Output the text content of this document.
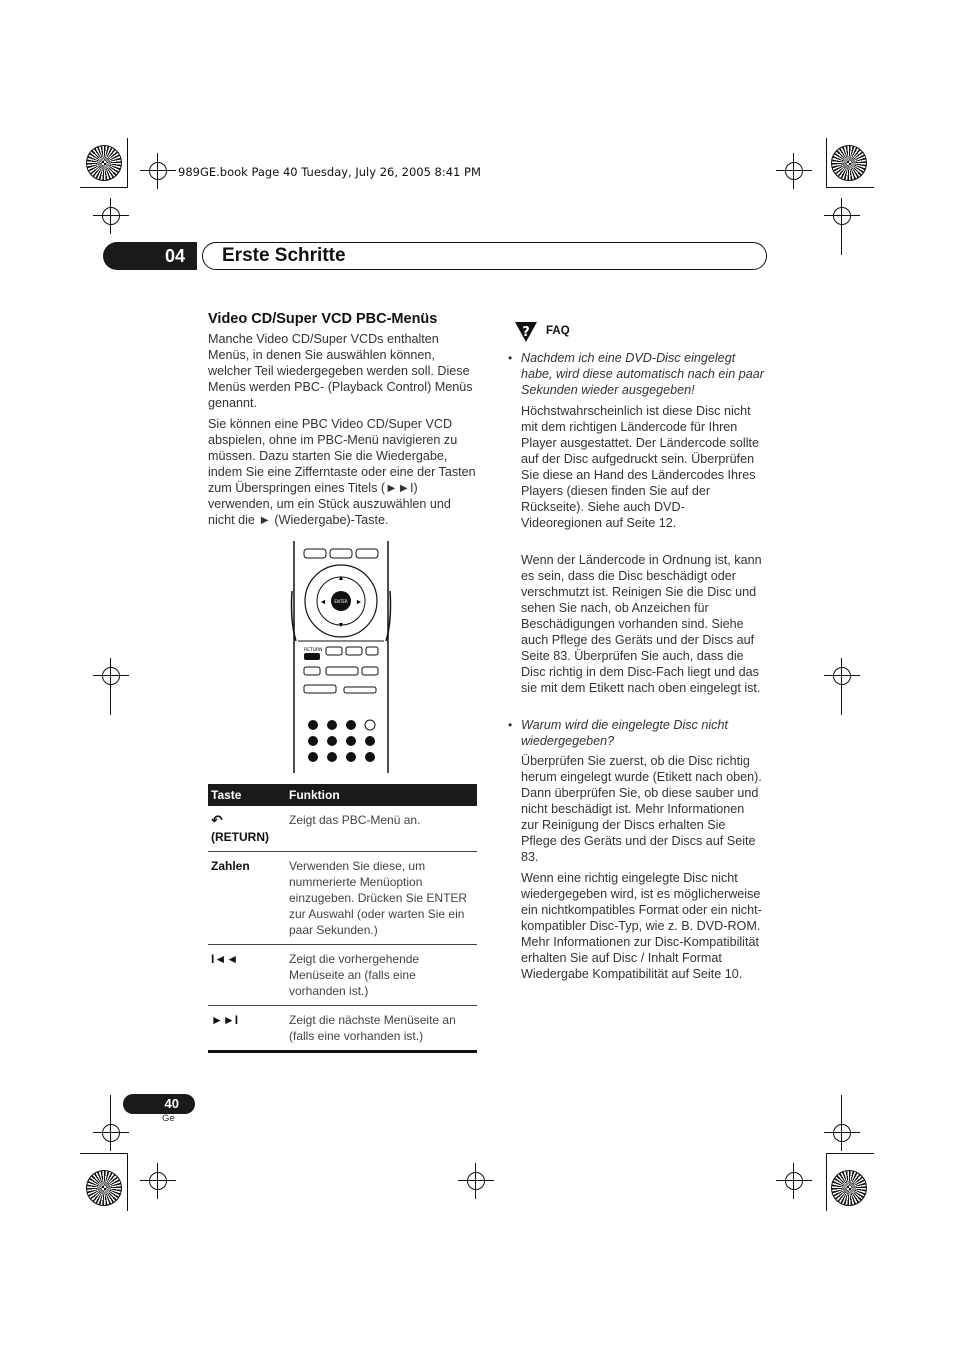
989GE.book Page 40 Tuesday, July 26, 2005 8:41 PM
04	Erste Schritte
Video CD/Super VCD PBC-Menüs
Manche Video CD/Super VCDs enthalten Menüs, in denen Sie auswählen können, welcher Teil wiedergegeben werden soll. Diese Menüs werden PBC- (Playback Control) Menüs genannt.
Sie können eine PBC Video CD/Super VCD abspielen, ohne im PBC-Menü navigieren zu müssen. Dazu starten Sie die Wiedergabe, indem Sie eine Zifferntaste oder eine der Tasten zum Überspringen eines Titels (►►I) verwenden, um ein Stück auszuwählen und nicht die ► (Wiedergabe)-Taste.
ENTER
▲
▼
◄	►
RETURN
Taste	Funktion
↶
(RETURN)	Zeigt das PBC-Menü an.
Zahlen	Verwenden Sie diese, um nummerierte Menüoption einzugeben. Drücken Sie ENTER zur Auswahl (oder warten Sie ein paar Sekunden.)
I◄◄	Zeigt die vorhergehende Menüseite an (falls eine vorhanden ist.)
►►I	Zeigt die nächste Menüseite an (falls eine vorhanden ist.)
? FAQ
• Nachdem ich eine DVD-Disc eingelegt habe, wird diese automatisch nach ein paar Sekunden wieder ausgegeben!
Höchstwahrscheinlich ist diese Disc nicht mit dem richtigen Ländercode für Ihren Player ausgestattet. Der Ländercode sollte auf der Disc aufgedruckt sein. Überprüfen Sie diese an Hand des Ländercodes Ihres Players (diesen finden Sie auf der Rückseite). Siehe auch DVD-Videoregionen auf Seite 12.
Wenn der Ländercode in Ordnung ist, kann es sein, dass die Disc beschädigt oder verschmutzt ist. Reinigen Sie die Disc und sehen Sie nach, ob Anzeichen für Beschädigungen vorhanden sind. Siehe auch Pflege des Geräts und der Discs auf Seite 83. Überprüfen Sie auch, dass die Disc richtig in dem Disc-Fach liegt und das sie mit dem Etikett nach oben eingelegt ist.
• Warum wird die eingelegte Disc nicht wiedergegeben?
Überprüfen Sie zuerst, ob die Disc richtig herum eingelegt wurde (Etikett nach oben). Dann überprüfen Sie, ob diese sauber und nicht beschädigt ist. Mehr Informationen zur Reinigung der Discs erhalten Sie Pflege des Geräts und der Discs auf Seite 83.
Wenn eine richtig eingelegte Disc nicht wiedergegeben wird, ist es möglicherweise ein nichtkompatibles Format oder ein nicht-kompatibler Disc-Typ, wie z. B. DVD-ROM. Mehr Informationen zur Disc-Kompatibilität erhalten Sie auf Disc / Inhalt Format Wiedergabe Kompatibilität auf Seite 10.
40
Ge
